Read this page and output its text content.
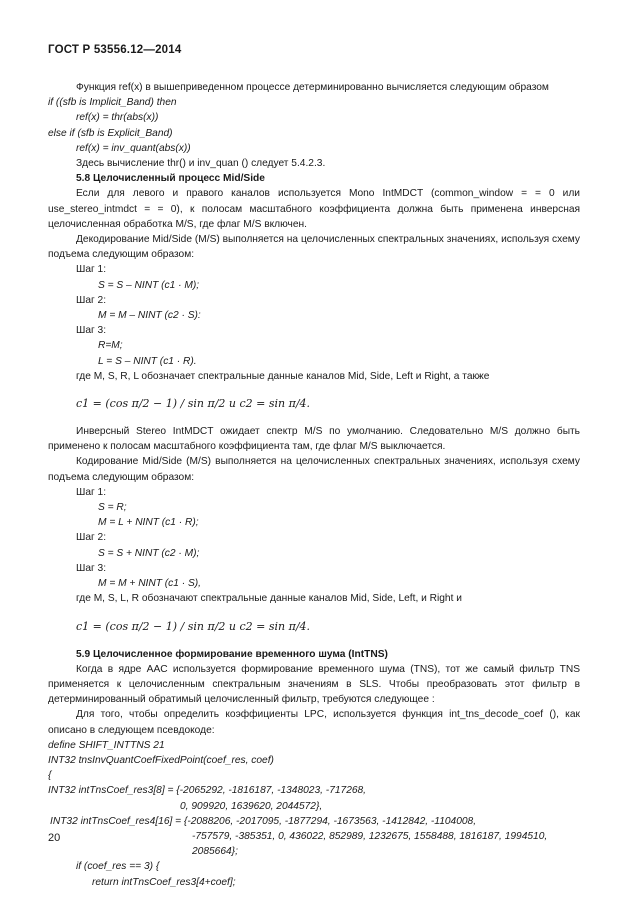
ГОСТ Р 53556.12—2014

Функция ref(x) в вышеприведенном процессе детерминированно вычисляется следующим образом

if ((sfb is Implicit_Band) then

ref(x) = thr(abs(x))

else if (sfb is Explicit_Band)

ref(x) = inv_quant(abs(x))

Здесь вычисление thr() и inv_quan () следует 5.4.2.3.

5.8 Целочисленный процесс Mid/Side

Если для левого и правого каналов используется Mono IntMDCT (common_window = = 0 или use_stereo_intmdct = = 0), к полосам масштабного коэффициента должна быть применена инверсная целочисленная обработка M/S, где флаг M/S включен.

Декодирование Mid/Side (M/S) выполняется на целочисленных спектральных значениях, используя схему подъема следующим образом:

Шаг 1:

S = S – NINT (c1 · M);

Шаг 2:

M = M – NINT (c2 · S):

Шаг 3:

R=M;

L = S – NINT (c1 · R).

где M, S, R, L обозначает спектральные данные каналов Mid, Side, Left и Right, а также

c1 = (cos π/2 − 1) / sin π/2 и c2 = sin π/4.

Инверсный Stereo IntMDCT ожидает спектр M/S по умолчанию. Следовательно M/S должно быть применено к полосам масштабного коэффициента там, где флаг M/S выключается.

Кодирование Mid/Side (M/S) выполняется на целочисленных спектральных значениях, используя схему подъема следующим образом:

Шаг 1:

S = R;

M = L + NINT (c1 · R);

Шаг 2:

S = S + NINT (c2 · M);

Шаг 3:

M = M + NINT (c1 · S),

где M, S, L, R обозначают спектральные данные каналов Mid, Side, Left, и Right и

c1 = (cos π/2 − 1) / sin π/2 и c2 = sin π/4.

5.9 Целочисленное формирование временного шума (IntTNS)

Когда в ядре AAC используется формирование временного шума (TNS), тот же самый фильтр TNS применяется к целочисленным спектральным значениям в SLS. Чтобы преобразовать этот фильтр в детерминированный обратимый целочисленный фильтр, требуются следующее :

Для того, чтобы определить коэффициенты LPC, используется функция int_tns_decode_coef (), как описано в следующем псевдокоде:

define SHIFT_INTTNS 21

INT32 tnsInvQuantCoefFixedPoint(coef_res, coef)

{

INT32 intTnsCoef_res3[8] = {-2065292, -1816187, -1348023, -717268,

0, 909920, 1639620, 2044572},

INT32 intTnsCoef_res4[16] = {-2088206, -2017095, -1877294, -1673563, -1412842, -1104008,

-757579, -385351, 0, 436022, 852989, 1232675, 1558488, 1816187, 1994510,

2085664};

if (coef_res == 3) {

return intTnsCoef_res3[4+coef];

20
